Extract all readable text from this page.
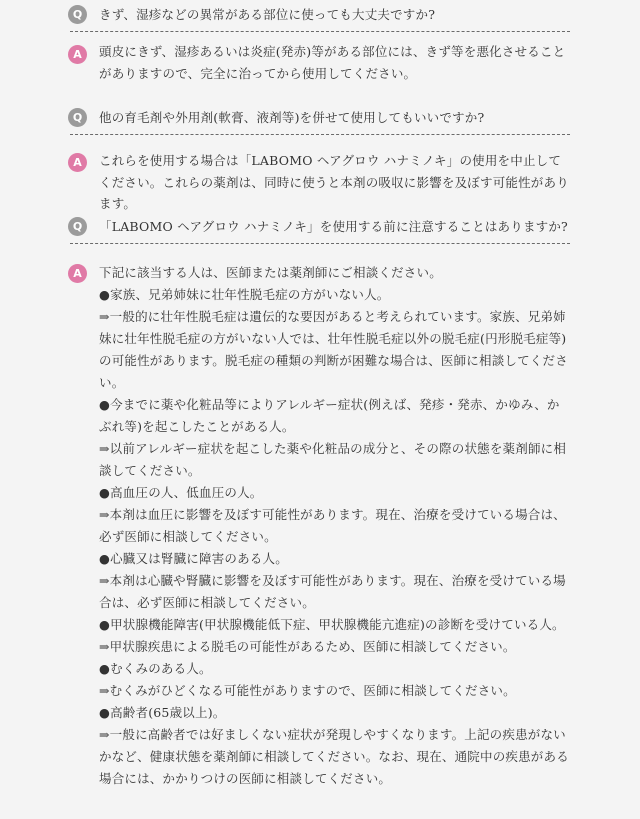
Q	きず、湿疹などの異常がある部位に使っても大丈夫ですか?
A	頭皮にきず、湿疹あるいは炎症(発赤)等がある部位には、きず等を悪化させることがありますので、完全に治ってから使用してください。

Q	他の育毛剤や外用剤(軟膏、液剤等)を併せて使用してもいいですか?
A	これらを使用する場合は「LABOMO ヘアグロウ ハナミノキ」の使用を中止してください。これらの薬剤は、同時に使うと本剤の吸収に影響を及ぼす可能性があります。

Q	「LABOMO ヘアグロウ ハナミノキ」を使用する前に注意することはありますか?
A	下記に該当する人は、医師または薬剤師にご相談ください。

●家族、兄弟姉妹に壮年性脱毛症の方がいない人。

⇒一般的に壮年性脱毛症は遺伝的な要因があると考えられています。家族、兄弟姉妹に壮年性脱毛症の方がいない人では、壮年性脱毛症以外の脱毛症(円形脱毛症等)の可能性があります。脱毛症の種類の判断が困難な場合は、医師に相談してください。

●今までに薬や化粧品等によりアレルギー症状(例えば、発疹・発赤、かゆみ、かぶれ等)を起こしたことがある人。

⇒以前アレルギー症状を起こした薬や化粧品の成分と、その際の状態を薬剤師に相談してください。

●高血圧の人、低血圧の人。

⇒本剤は血圧に影響を及ぼす可能性があります。現在、治療を受けている場合は、必ず医師に相談してください。

●心臓又は腎臓に障害のある人。

⇒本剤は心臓や腎臓に影響を及ぼす可能性があります。現在、治療を受けている場合は、必ず医師に相談してください。

●甲状腺機能障害(甲状腺機能低下症、甲状腺機能亢進症)の診断を受けている人。

⇒甲状腺疾患による脱毛の可能性があるため、医師に相談してください。

●むくみのある人。

⇒むくみがひどくなる可能性がありますので、医師に相談してください。

●高齢者(65歳以上)。

⇒一般に高齢者では好ましくない症状が発現しやすくなります。上記の疾患がないかなど、健康状態を薬剤師に相談してください。なお、現在、通院中の疾患がある場合には、かかりつけの医師に相談してください。
